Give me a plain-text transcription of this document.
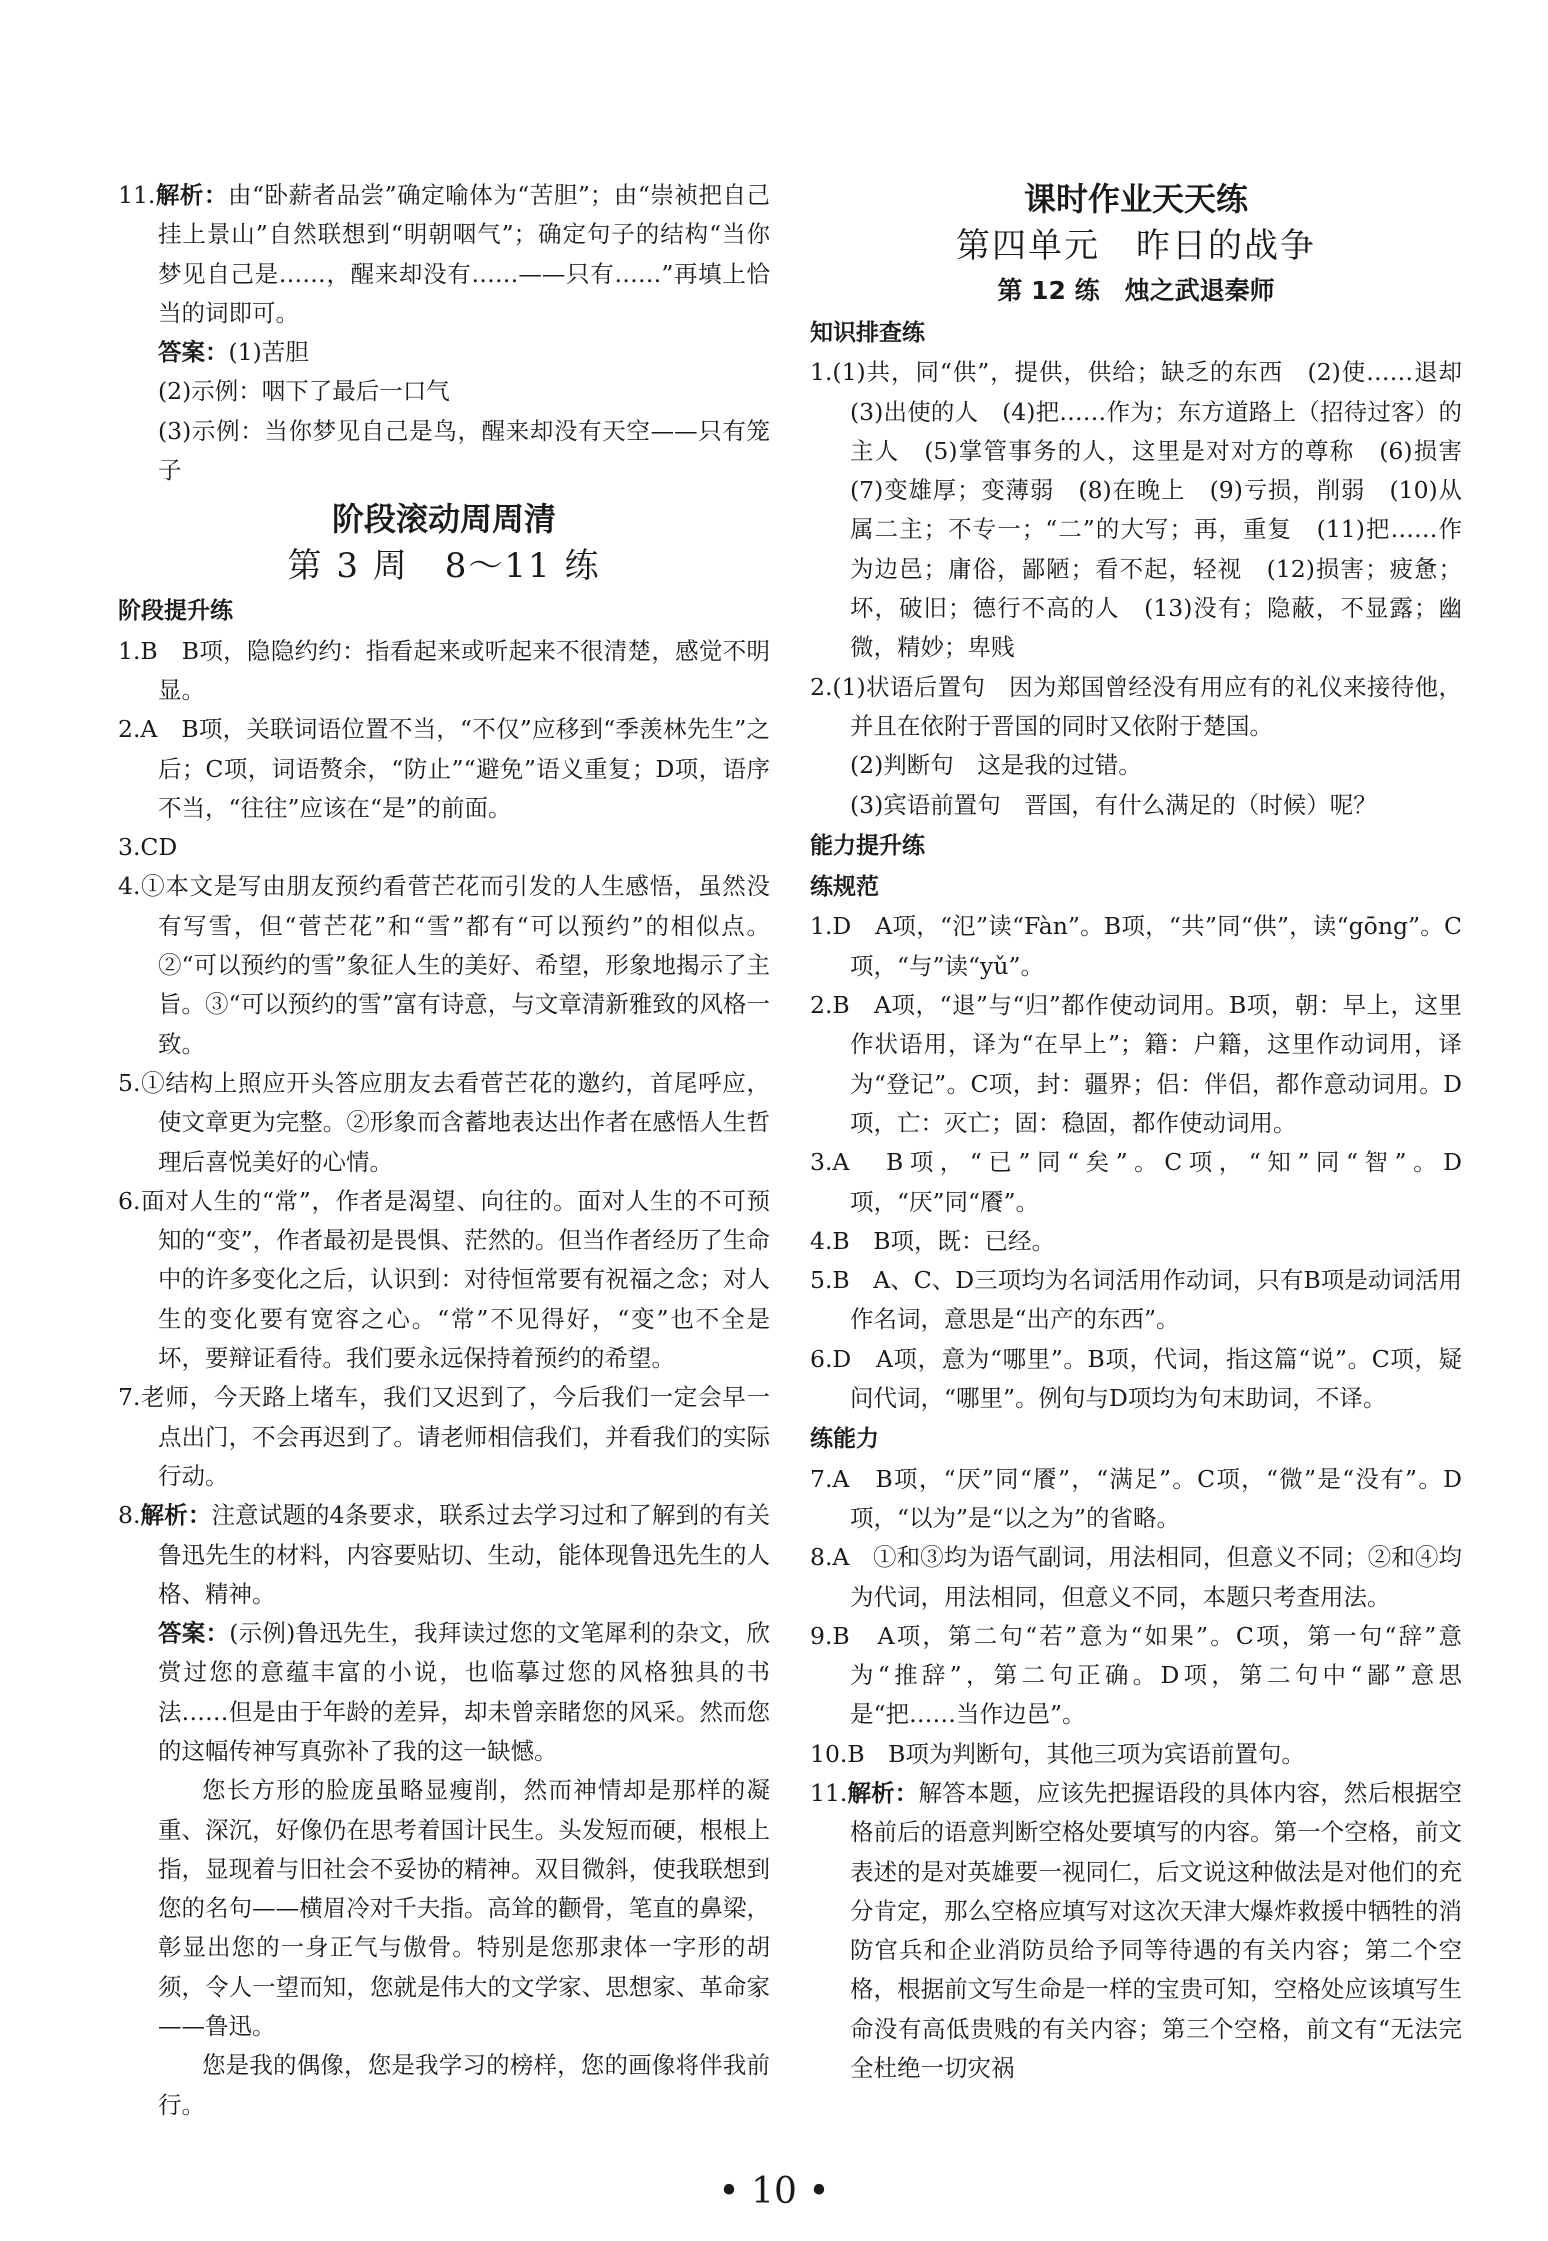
11.解析：由“卧薪者品尝”确定喻体为“苦胆”；由“崇祯把自己挂上景山”自然联想到“明朝咽气”；确定句子的结构“当你梦见自己是……，醒来却没有……——只有……”再填上恰当的词即可。

答案：(1)苦胆

(2)示例：咽下了最后一口气

(3)示例：当你梦见自己是鸟，醒来却没有天空——只有笼子

阶段滚动周周清

第 3 周　8～11 练

阶段提升练

1.B　B项，隐隐约约：指看起来或听起来不很清楚，感觉不明显。

2.A　B项，关联词语位置不当，“不仅”应移到“季羡林先生”之后；C项，词语赘余，“防止”“避免”语义重复；D项，语序不当，“往往”应该在“是”的前面。

3.CD

4.①本文是写由朋友预约看菅芒花而引发的人生感悟，虽然没有写雪，但“菅芒花”和“雪”都有“可以预约”的相似点。②“可以预约的雪”象征人生的美好、希望，形象地揭示了主旨。③“可以预约的雪”富有诗意，与文章清新雅致的风格一致。

5.①结构上照应开头答应朋友去看菅芒花的邀约，首尾呼应，使文章更为完整。②形象而含蓄地表达出作者在感悟人生哲理后喜悦美好的心情。

6.面对人生的“常”，作者是渴望、向往的。面对人生的不可预知的“变”，作者最初是畏惧、茫然的。但当作者经历了生命中的许多变化之后，认识到：对待恒常要有祝福之念；对人生的变化要有宽容之心。“常”不见得好，“变”也不全是坏，要辩证看待。我们要永远保持着预约的希望。

7.老师，今天路上堵车，我们又迟到了，今后我们一定会早一点出门，不会再迟到了。请老师相信我们，并看我们的实际行动。

8.解析：注意试题的4条要求，联系过去学习过和了解到的有关鲁迅先生的材料，内容要贴切、生动，能体现鲁迅先生的人格、精神。

答案：(示例)鲁迅先生，我拜读过您的文笔犀利的杂文，欣赏过您的意蕴丰富的小说，也临摹过您的风格独具的书法……但是由于年龄的差异，却未曾亲睹您的风采。然而您的这幅传神写真弥补了我的这一缺憾。

您长方形的脸庞虽略显瘦削，然而神情却是那样的凝重、深沉，好像仍在思考着国计民生。头发短而硬，根根上指，显现着与旧社会不妥协的精神。双目微斜，使我联想到您的名句——横眉冷对千夫指。高耸的颧骨，笔直的鼻梁，彰显出您的一身正气与傲骨。特别是您那隶体一字形的胡须，令人一望而知，您就是伟大的文学家、思想家、革命家——鲁迅。

您是我的偶像，您是我学习的榜样，您的画像将伴我前行。

课时作业天天练

第四单元　昨日的战争

第 12 练　烛之武退秦师

知识排查练

1.(1)共，同“供”，提供，供给；缺乏的东西　(2)使……退却　(3)出使的人　(4)把……作为；东方道路上（招待过客）的主人　(5)掌管事务的人，这里是对对方的尊称　(6)损害　(7)变雄厚；变薄弱　(8)在晚上　(9)亏损，削弱　(10)从属二主；不专一；“二”的大写；再，重复　(11)把……作为边邑；庸俗，鄙陋；看不起，轻视　(12)损害；疲惫；坏，破旧；德行不高的人　(13)没有；隐蔽，不显露；幽微，精妙；卑贱

2.(1)状语后置句　因为郑国曾经没有用应有的礼仪来接待他，并且在依附于晋国的同时又依附于楚国。

(2)判断句　这是我的过错。

(3)宾语前置句　晋国，有什么满足的（时候）呢？

能力提升练

练规范

1.D　A项，“氾”读“Fàn”。B项，“共”同“供”，读“gōng”。C项，“与”读“yǔ”。

2.B　A项，“退”与“归”都作使动词用。B项，朝：早上，这里作状语用，译为“在早上”；籍：户籍，这里作动词用，译为“登记”。C项，封：疆界；侣：伴侣，都作意动词用。D项，亡：灭亡；固：稳固，都作使动词用。

3.A　B项，“已”同“矣”。C项，“知”同“智”。D项，“厌”同“餍”。

4.B　B项，既：已经。

5.B　A、C、D三项均为名词活用作动词，只有B项是动词活用作名词，意思是“出产的东西”。

6.D　A项，意为“哪里”。B项，代词，指这篇“说”。C项，疑问代词，“哪里”。例句与D项均为句末助词，不译。

练能力

7.A　B项，“厌”同“餍”，“满足”。C项，“微”是“没有”。D项，“以为”是“以之为”的省略。

8.A　①和③均为语气副词，用法相同，但意义不同；②和④均为代词，用法相同，但意义不同，本题只考查用法。

9.B　A项，第二句“若”意为“如果”。C项，第一句“辞”意为“推辞”，第二句正确。D项，第二句中“鄙”意思是“把……当作边邑”。

10.B　B项为判断句，其他三项为宾语前置句。

11.解析：解答本题，应该先把握语段的具体内容，然后根据空格前后的语意判断空格处要填写的内容。第一个空格，前文表述的是对英雄要一视同仁，后文说这种做法是对他们的充分肯定，那么空格应填写对这次天津大爆炸救援中牺牲的消防官兵和企业消防员给予同等待遇的有关内容；第二个空格，根据前文写生命是一样的宝贵可知，空格处应该填写生命没有高低贵贱的有关内容；第三个空格，前文有“无法完全杜绝一切灾祸

• 10 •
